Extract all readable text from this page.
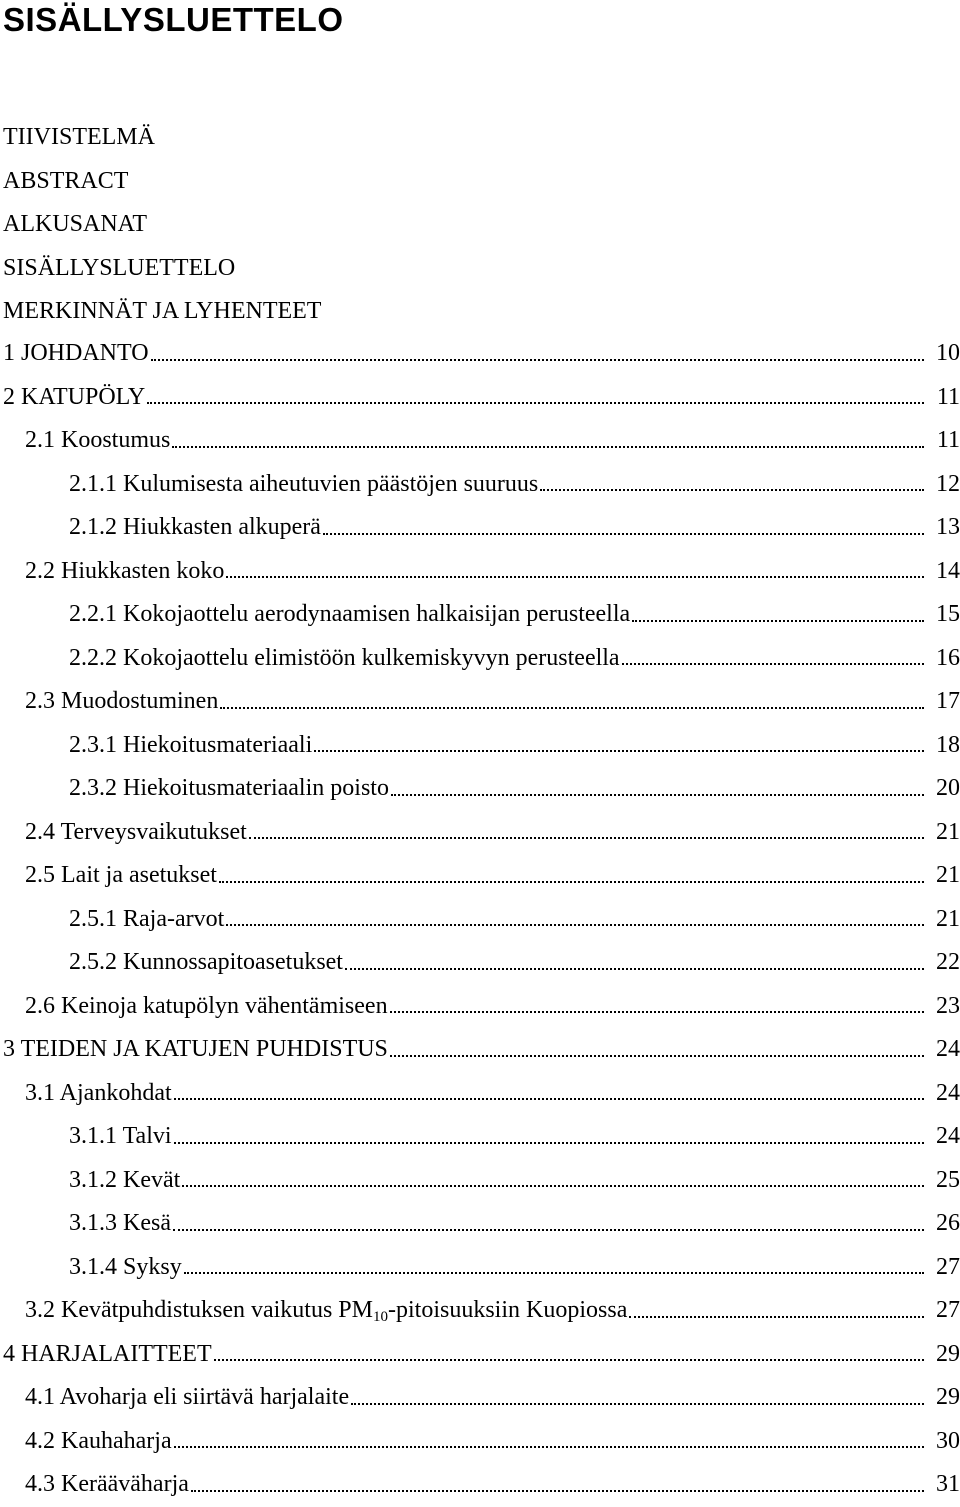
SISÄLLYSLUETTELO
TIIVISTELMÄ
ABSTRACT
ALKUSANAT
SISÄLLYSLUETTELO
MERKINNÄT JA LYHENTEET
1 JOHDANTO	10
2 KATUPÖLY	11
2.1 Koostumus	11
2.1.1 Kulumisesta aiheutuvien päästöjen suuruus	12
2.1.2 Hiukkasten alkuperä	13
2.2 Hiukkasten koko	14
2.2.1 Kokojaottelu aerodynaamisen halkaisijan perusteella	15
2.2.2 Kokojaottelu elimistöön kulkemiskyvyn perusteella	16
2.3 Muodostuminen	17
2.3.1 Hiekoitusmateriaali	18
2.3.2 Hiekoitusmateriaalin poisto	20
2.4 Terveysvaikutukset	21
2.5 Lait ja asetukset	21
2.5.1 Raja-arvot	21
2.5.2 Kunnossapitoasetukset	22
2.6 Keinoja katupölyn vähentämiseen	23
3 TEIDEN JA KATUJEN PUHDISTUS	24
3.1 Ajankohdat	24
3.1.1 Talvi	24
3.1.2 Kevät	25
3.1.3 Kesä	26
3.1.4 Syksy	27
3.2 Kevätpuhdistuksen vaikutus $PM_{10}$-pitoisuuksiin Kuopiossa	27
4 HARJALAITTEET	29
4.1 Avoharja eli siirtävä harjalaite	29
4.2 Kauhaharja	30
4.3 Kerääväharja	31
